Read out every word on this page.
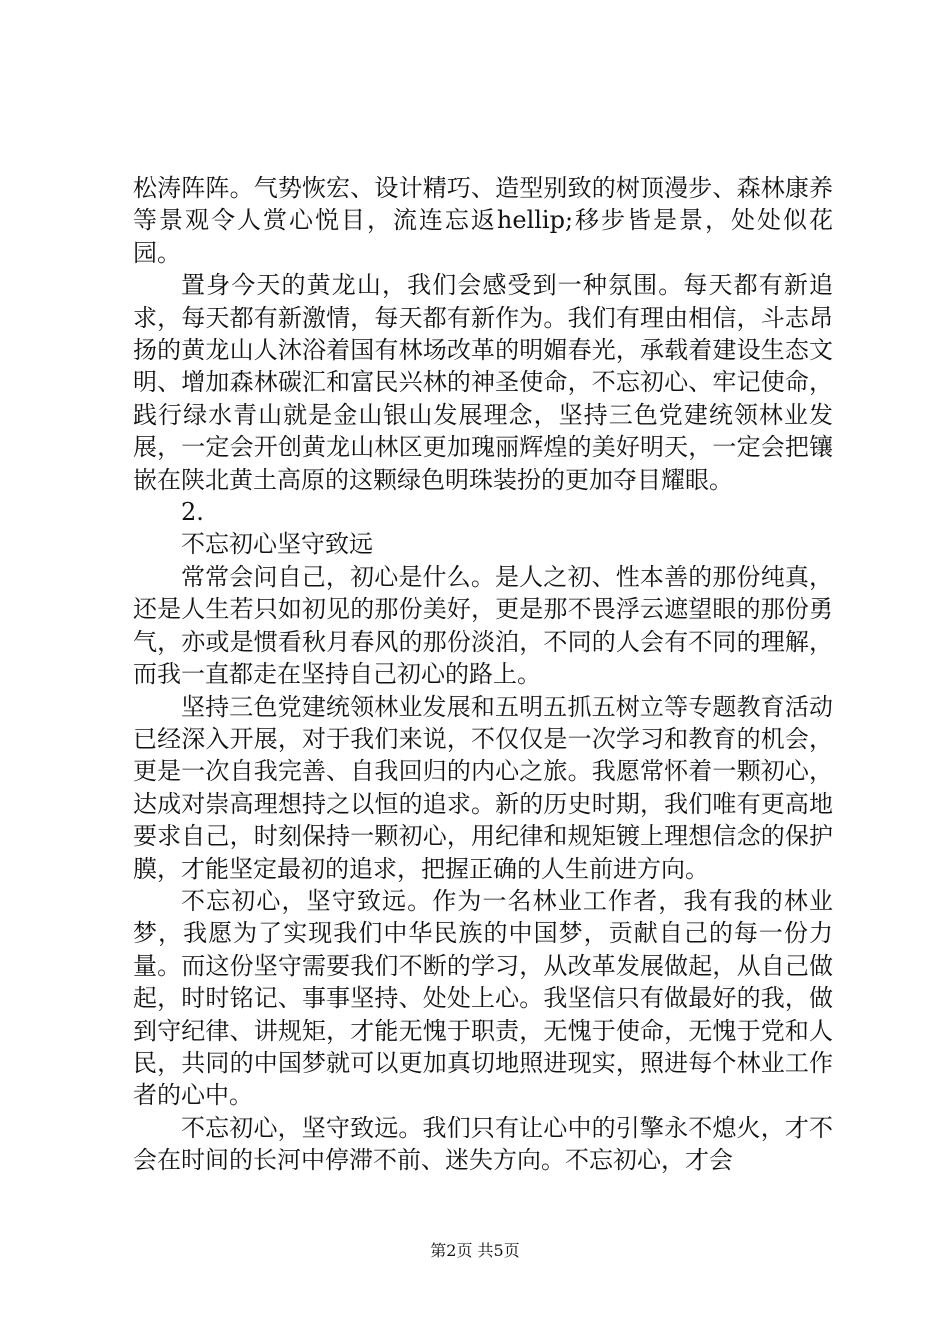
松涛阵阵。气势恢宏、设计精巧、造型别致的树顶漫步、森林康养等景观令人赏心悦目，流连忘返hellip;移步皆是景，处处似花园。

置身今天的黄龙山，我们会感受到一种氛围。每天都有新追求，每天都有新激情，每天都有新作为。我们有理由相信，斗志昂扬的黄龙山人沐浴着国有林场改革的明媚春光，承载着建设生态文明、增加森林碳汇和富民兴林的神圣使命，不忘初心、牢记使命，践行绿水青山就是金山银山发展理念，坚持三色党建统领林业发展，一定会开创黄龙山林区更加瑰丽辉煌的美好明天，一定会把镶嵌在陕北黄土高原的这颗绿色明珠装扮的更加夺目耀眼。

2.

不忘初心坚守致远

常常会问自己，初心是什么。是人之初、性本善的那份纯真，还是人生若只如初见的那份美好，更是那不畏浮云遮望眼的那份勇气，亦或是惯看秋月春风的那份淡泊，不同的人会有不同的理解，而我一直都走在坚持自己初心的路上。

坚持三色党建统领林业发展和五明五抓五树立等专题教育活动已经深入开展，对于我们来说，不仅仅是一次学习和教育的机会，更是一次自我完善、自我回归的内心之旅。我愿常怀着一颗初心，达成对崇高理想持之以恒的追求。新的历史时期，我们唯有更高地要求自己，时刻保持一颗初心，用纪律和规矩镀上理想信念的保护膜，才能坚定最初的追求，把握正确的人生前进方向。

不忘初心，坚守致远。作为一名林业工作者，我有我的林业梦，我愿为了实现我们中华民族的中国梦，贡献自己的每一份力量。而这份坚守需要我们不断的学习，从改革发展做起，从自己做起，时时铭记、事事坚持、处处上心。我坚信只有做最好的我，做到守纪律、讲规矩，才能无愧于职责，无愧于使命，无愧于党和人民，共同的中国梦就可以更加真切地照进现实，照进每个林业工作者的心中。

不忘初心，坚守致远。我们只有让心中的引擎永不熄火，才不会在时间的长河中停滞不前、迷失方向。不忘初心，才会

第2页 共5页
